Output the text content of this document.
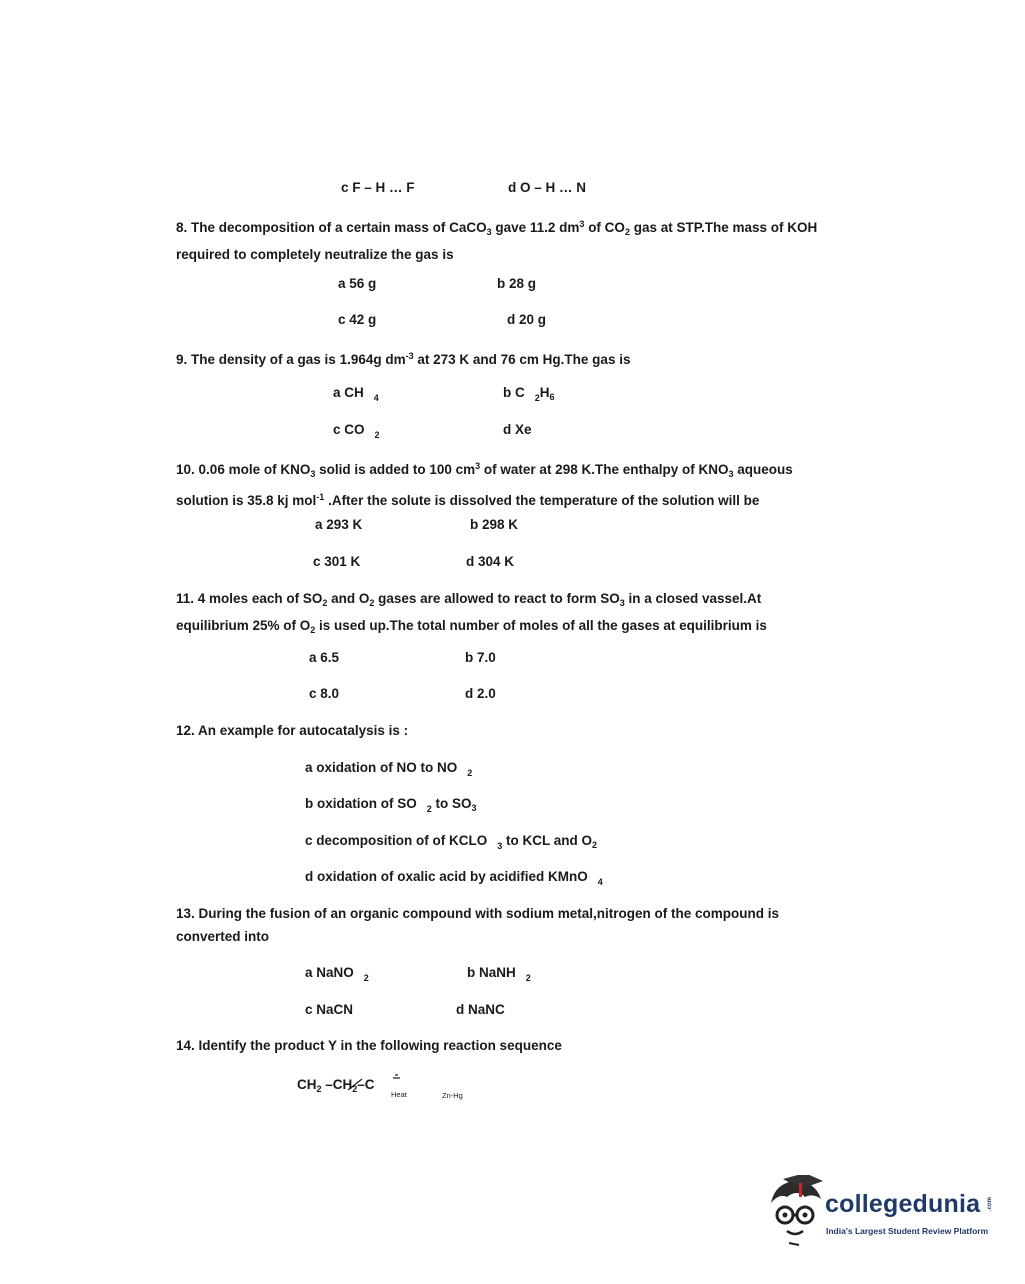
c F – H … F	d O – H … N
8. The decomposition of a certain mass of CaCO$_3$ gave 11.2 $dm^3$ of $CO_2$ gas at STP.The mass of KOH
required to completely neutralize the gas is
a 56 g	b 28 g
c 42 g	d 20 g
9. The density of a gas is 1.964g $dm^{-3}$ at 273 K and 76 cm Hg.The gas is
a CH $_4$	b C $_2H_6$
c CO $_2$	d Xe
10. 0.06 mole of $KNO_3$ solid is added to 100 $cm^3$ of water at 298 K.The enthalpy of $KNO_3$ aqueous
solution is 35.8 kj mol$^{-1}$ .After the solute is dissolved the temperature of the solution will be
a 293 K	b 298 K
c 301 K	d 304 K
11. 4 moles each of $SO_2$ and $O_2$ gases are allowed to react to form $SO_3$ in a closed vassel.At
equilibrium 25% of $O_2$ is used up.The total number of moles of all the gases at equilibrium is
a 6.5	b 7.0
c 8.0	d 2.0
12. An example for autocatalysis is :
a oxidation of NO to NO $_2$
b oxidation of SO $_2$ to $SO_3$
c decomposition of of KCLO $_3$ to KCL and $O_2$
d oxidation of oxalic acid by acidified KMnO $_4$
13. During the fusion of an organic compound with sodium metal,nitrogen of the compound is
converted into
a NaNO $_2$	b NaNH $_2$
c NaCN	d NaNC
14. Identify the product Y in the following reaction sequence
$CH_2$ $-CH_2-C$
Heat	Zn-Hg
collegedunia .com
India's Largest Student Review Platform
